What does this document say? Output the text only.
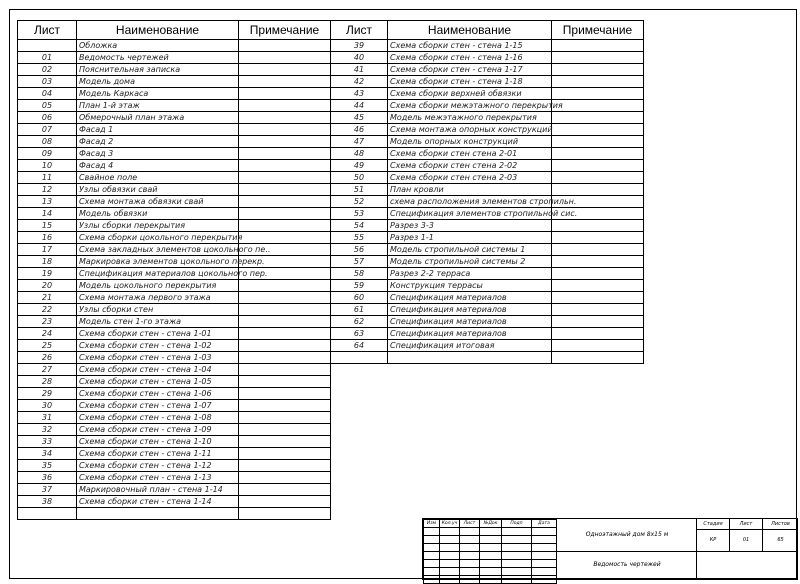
Лист	Наименование	Примечание
	Обложка	
01	Ведомость чертежей	
02	Пояснительная записка	
03	Модель дома	
04	Модель Каркаса	
05	План 1-й этаж	
06	Обмерочный план этажа	
07	Фасад 1	
08	Фасад 2	
09	Фасад 3	
10	Фасад 4	
11	Свайное поле	
12	Узлы обвязки свай	
13	Схема монтажа обвязки свай	
14	Модель обвязки	
15	Узлы сборки перекрытия	
16	Схема сборки цокольного перекрытия	
17	Схема закладных элементов цокольного пе..	
18	Маркировка элементов цокольного перекр.	
19	Спецификация материалов цокольного пер.	
20	Модель цокольного перекрытия	
21	Схема монтажа первого этажа	
22	Узлы сборки стен	
23	Модель стен 1-го этажа	
24	Схема сборки стен - стена 1-01	
25	Схема сборки стен - стена 1-02	
26	Схема сборки стен - стена 1-03	
27	Схема сборки стен - стена 1-04	
28	Схема сборки стен - стена 1-05	
29	Схема сборки стен - стена 1-06	
30	Схема сборки стен - стена 1-07	
31	Схема сборки стен - стена 1-08	
32	Схема сборки стен - стена 1-09	
33	Схема сборки стен - стена 1-10	
34	Схема сборки стен - стена 1-11	
35	Схема сборки стен - стена 1-12	
36	Схема сборки стен - стена 1-13	
37	Маркировочный план - стена 1-14	
38	Схема сборки стен - стена 1-14	

Лист	Наименование	Примечание
39	Схема сборки стен - стена 1-15	
40	Схема сборки стен - стена 1-16	
41	Схема сборки стен - стена 1-17	
42	Схема сборки стен - стена 1-18	
43	Схема сборки верхней обвязки	
44	Схема сборки межэтажного перекрытия	
45	Модель межэтажного перекрытия	
46	Схема монтажа опорных конструкций	
47	Модель опорных конструкций	
48	Схема сборки стен стена 2-01	
49	Схема сборки стен стена 2-02	
50	Схема сборки стен стена 2-03	
51	План кровли	
52	схема расположения элементов стропильн.	
53	Спецификация элементов стропильной сис.	
54	Разрез 3-3	
55	Разрез 1-1	
56	Модель стропильной системы 1	
57	Модель стропильной системы 2	
58	Разрез 2-2 терраса	
59	Конструкция террасы	
60	Спецификация материалов	
61	Спецификация материалов	
62	Спецификация материалов	
63	Спецификация материалов	
64	Спецификация итоговая	

Изм	Кол.уч	Лист	№Док	Подп	Дата

Одноэтажный дом 8х15 м
Ведомость чертежей
Стадия	Лист	Листов
КР	01	65
